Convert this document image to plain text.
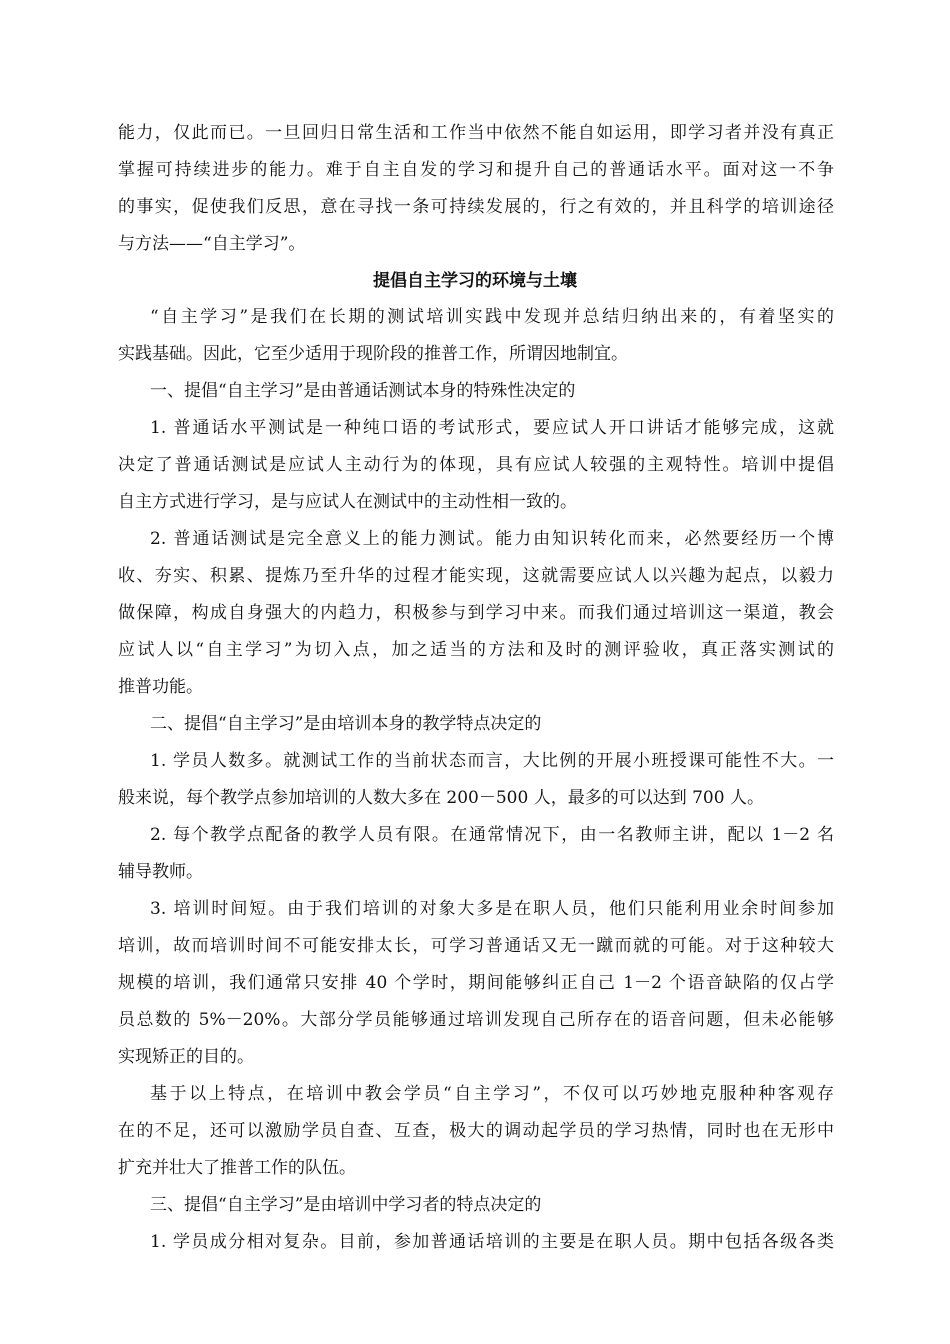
能力，仅此而已。一旦回归日常生活和工作当中依然不能自如运用，即学习者并没有真正
掌握可持续进步的能力。难于自主自发的学习和提升自己的普通话水平。面对这一不争
的事实，促使我们反思，意在寻找一条可持续发展的，行之有效的，并且科学的培训途径
与方法——“自主学习”。
提倡自主学习的环境与土壤
“自主学习”是我们在长期的测试培训实践中发现并总结归纳出来的，有着坚实的
实践基础。因此，它至少适用于现阶段的推普工作，所谓因地制宜。
一、提倡“自主学习”是由普通话测试本身的特殊性决定的
1. 普通话水平测试是一种纯口语的考试形式，要应试人开口讲话才能够完成，这就
决定了普通话测试是应试人主动行为的体现，具有应试人较强的主观特性。培训中提倡
自主方式进行学习，是与应试人在测试中的主动性相一致的。
2. 普通话测试是完全意义上的能力测试。能力由知识转化而来，必然要经历一个博
收、夯实、积累、提炼乃至升华的过程才能实现，这就需要应试人以兴趣为起点，以毅力
做保障，构成自身强大的内趋力，积极参与到学习中来。而我们通过培训这一渠道，教会
应试人以“自主学习”为切入点，加之适当的方法和及时的测评验收，真正落实测试的
推普功能。
二、提倡“自主学习”是由培训本身的教学特点决定的
1. 学员人数多。就测试工作的当前状态而言，大比例的开展小班授课可能性不大。一
般来说，每个教学点参加培训的人数大多在 200－500 人，最多的可以达到 700 人。
2. 每个教学点配备的教学人员有限。在通常情况下，由一名教师主讲，配以 1－2 名
辅导教师。
3. 培训时间短。由于我们培训的对象大多是在职人员，他们只能利用业余时间参加
培训，故而培训时间不可能安排太长，可学习普通话又无一蹴而就的可能。对于这种较大
规模的培训，我们通常只安排 40 个学时，期间能够纠正自己 1－2 个语音缺陷的仅占学
员总数的 5%－20%。大部分学员能够通过培训发现自己所存在的语音问题，但未必能够
实现矫正的目的。
基于以上特点，在培训中教会学员“自主学习”，不仅可以巧妙地克服种种客观存
在的不足，还可以激励学员自查、互查，极大的调动起学员的学习热情，同时也在无形中
扩充并壮大了推普工作的队伍。
三、提倡“自主学习”是由培训中学习者的特点决定的
1. 学员成分相对复杂。目前，参加普通话培训的主要是在职人员。期中包括各级各类
